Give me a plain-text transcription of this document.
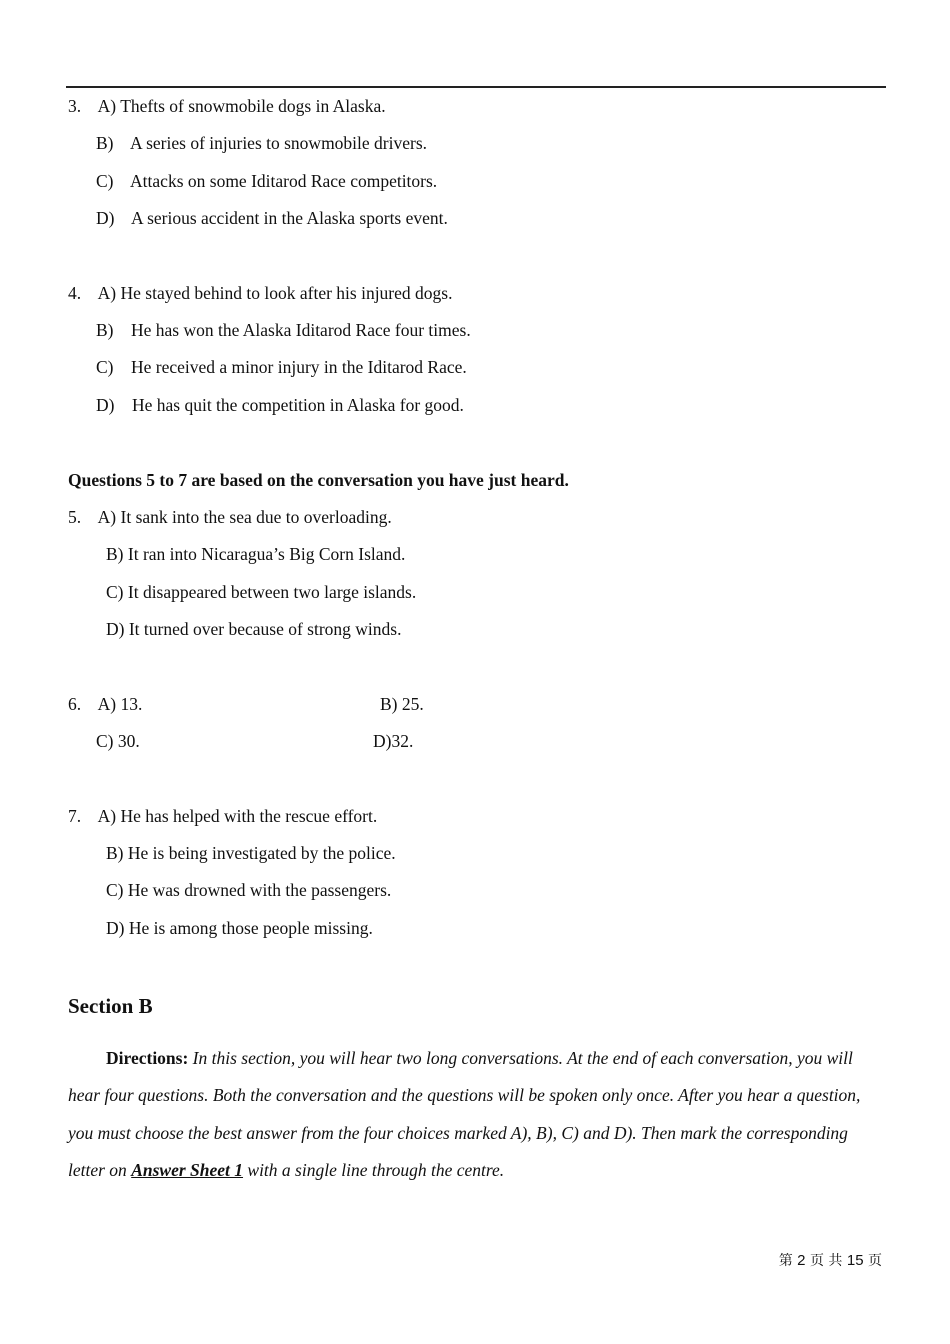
3. A) Thefts of snowmobile dogs in Alaska.
B) A series of injuries to snowmobile drivers.
C) Attacks on some Iditarod Race competitors.
D) A serious accident in the Alaska sports event.
4. A) He stayed behind to look after his injured dogs.
B) He has won the Alaska Iditarod Race four times.
C) He received a minor injury in the Iditarod Race.
D) He has quit the competition in Alaska for good.
Questions 5 to 7 are based on the conversation you have just heard.
5. A) It sank into the sea due to overloading.
B) It ran into Nicaragua’s Big Corn Island.
C) It disappeared between two large islands.
D) It turned over because of strong winds.
6. A) 13.	B) 25.
C) 30.	D)32.
7. A) He has helped with the rescue effort.
B) He is being investigated by the police.
C) He was drowned with the passengers.
D) He is among those people missing.
Section B
Directions: In this section, you will hear two long conversations. At the end of each conversation, you will hear four questions. Both the conversation and the questions will be spoken only once. After you hear a question, you must choose the best answer from the four choices marked A), B), C) and D). Then mark the corresponding letter on Answer Sheet 1 with a single line through the centre.
第 2 页 共 15 页
